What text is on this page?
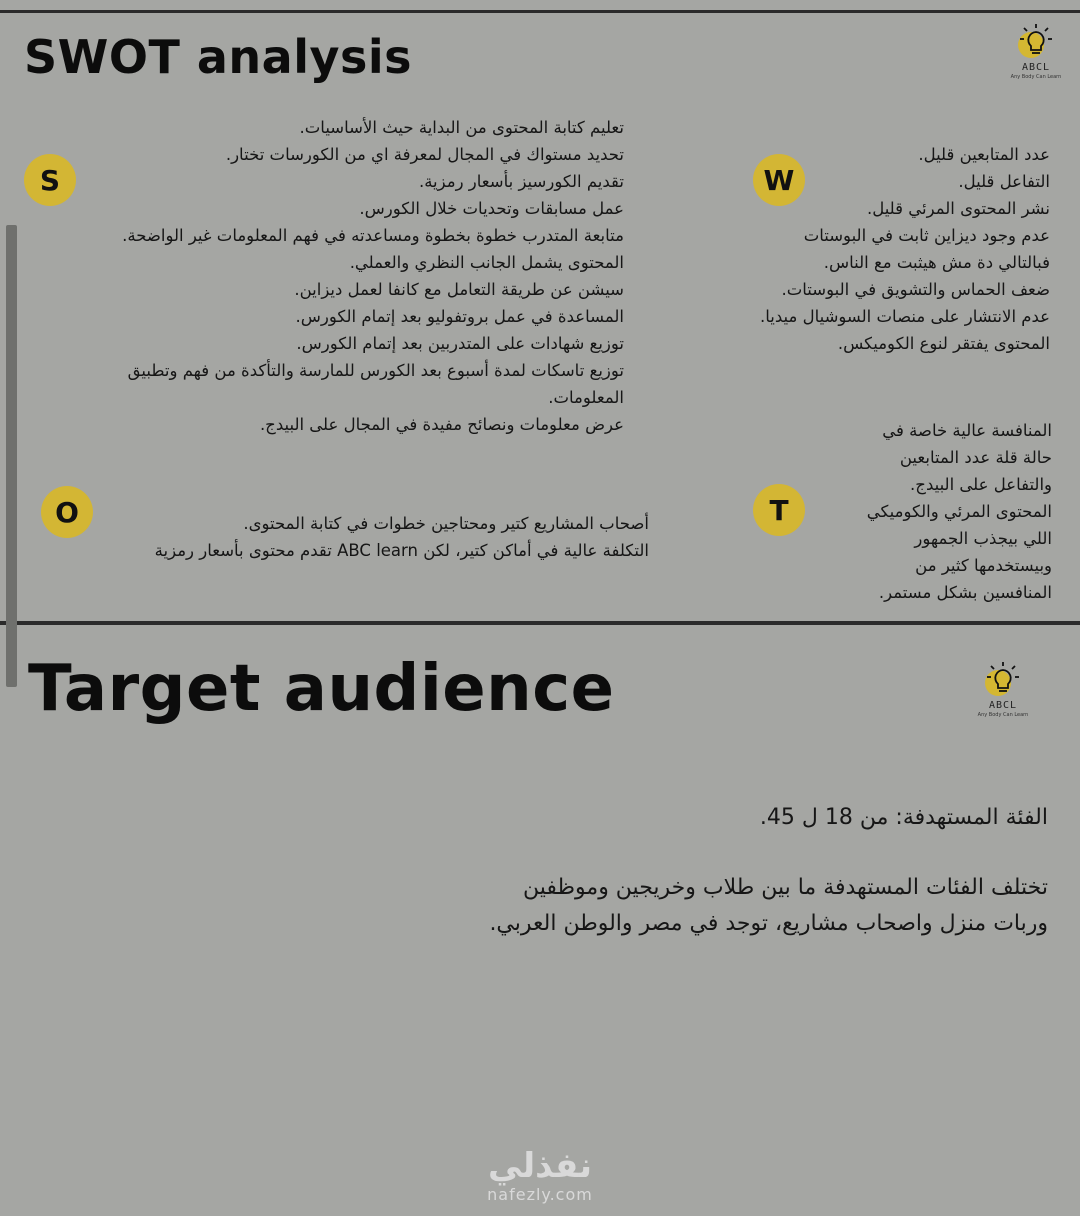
SWOT analysis	ABCL
Any Body Can Learn
S
تعليم كتابة المحتوى من البداية حيث الأساسيات.
تحديد مستواك في المجال لمعرفة اي من الكورسات تختار.
تقديم الكورسيز بأسعار رمزية.
عمل مسابقات وتحديات خلال الكورس.
متابعة المتدرب خطوة بخطوة ومساعدته في فهم المعلومات غير الواضحة.
المحتوى يشمل الجانب النظري والعملي.
سيشن عن طريقة التعامل مع كانفا لعمل ديزاين.
المساعدة في عمل بروتفوليو بعد إتمام الكورس.
توزيع شهادات على المتدربين بعد إتمام الكورس.
توزيع تاسكات لمدة أسبوع بعد الكورس للمارسة والتأكدة من فهم وتطبيق
المعلومات.
عرض معلومات ونصائح مفيدة في المجال على البيدج.
W
عدد المتابعين قليل.
التفاعل قليل.
نشر المحتوى المرئي قليل.
عدم وجود ديزاين ثابت في البوستات
فبالتالي دة مش هيثبت مع الناس.
ضعف الحماس والتشويق في البوستات.
عدم الانتشار على منصات السوشيال ميديا.
المحتوى يفتقر لنوع الكوميكس.
O	أصحاب المشاريع كتير ومحتاجين خطوات في كتابة المحتوى.
التكلفة عالية في أماكن كتير، لكن ABC learn تقدم محتوى بأسعار رمزية
T
المنافسة عالية خاصة في
حالة قلة عدد المتابعين
والتفاعل على البيدج.
المحتوى المرئي والكوميكي
اللي بيجذب الجمهور
وبيستخدمها كثير من
المنافسين بشكل مستمر.
Target audience	ABCL
Any Body Can Learn
الفئة المستهدفة: من 18 ل 45.
تختلف الفئات المستهدفة ما بين طلاب وخريجين وموظفين
وربات منزل واصحاب مشاريع، توجد في مصر والوطن العربي.
نفذلي
nafezly.com
